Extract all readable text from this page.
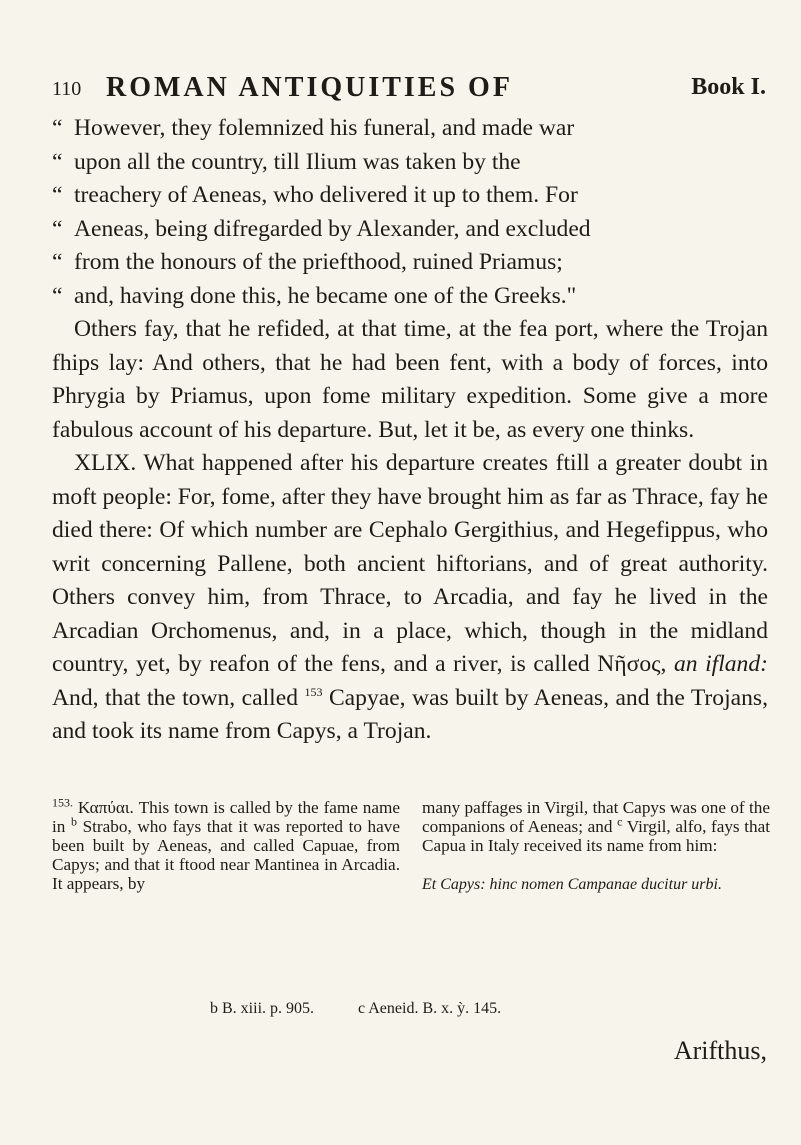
110 ROMAN ANTIQUITIES OF	Book I.

“ However, they folemnized his funeral, and made war

“ upon all the country, till Ilium was taken by the

“ treachery of Aeneas, who delivered it up to them. For

“ Aeneas, being difregarded by Alexander, and excluded

“ from the honours of the priefthood, ruined Priamus;

“ and, having done this, he became one of the Greeks."

Others fay, that he refided, at that time, at the fea port, where the Trojan fhips lay: And others, that he had been fent, with a body of forces, into Phrygia by Priamus, upon fome military expedition. Some give a more fabulous account of his departure. But, let it be, as every one thinks.

XLIX. What happened after his departure creates ftill a greater doubt in moft people: For, fome, after they have brought him as far as Thrace, fay he died there: Of which number are Cephalo Gergithius, and Hegefippus, who writ concerning Pallene, both ancient hiftorians, and of great authority. Others convey him, from Thrace, to Arcadia, and fay he lived in the Arcadian Orchomenus, and, in a place, which, though in the midland country, yet, by reafon of the fens, and a river, is called Νῆσος, an ifland: And, that the town, called $^{153}$ Capyae, was built by Aeneas, and the Trojans, and took its name from Capys, a Trojan.

$^{153.}$ Καπύαι. This town is called by the fame name in $^b$ Strabo, who fays that it was reported to have been built by Aeneas, and called Capuae, from Capys; and that it ftood near Mantinea in Arcadia. It appears, by
many paffages in Virgil, that Capys was one of the companions of Aeneas; and $^c$ Virgil, alfo, fays that Capua in Italy received its name from him:

Et Capys: hinc nomen Campanae ducitur urbi.
b B. xiii. p. 905.	c Aeneid. B. x. ỳ. 145.
Arifthus,
